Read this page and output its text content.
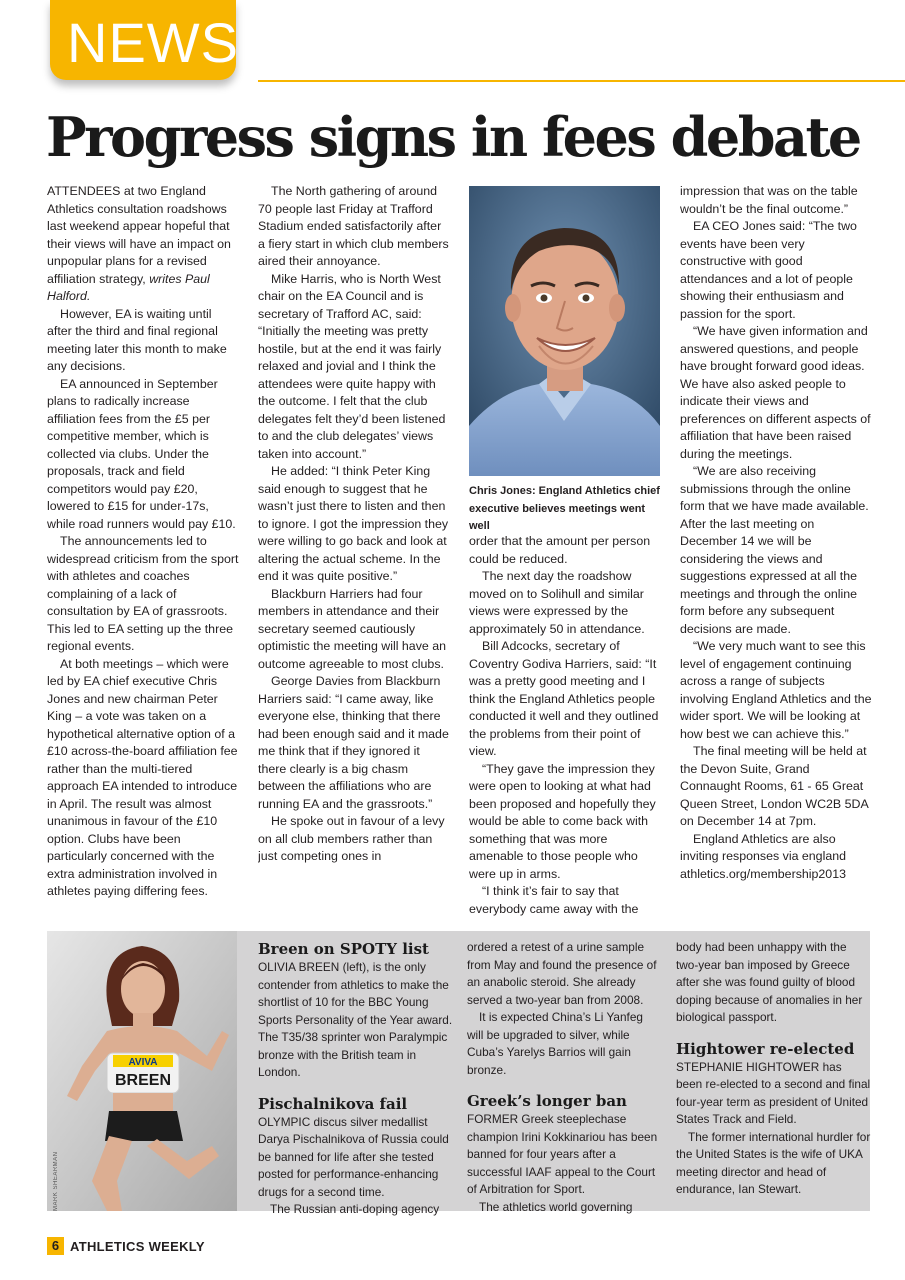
NEWS
Progress signs in fees debate

ATTENDEES at two England Athletics consultation roadshows last weekend appear hopeful that their views will have an impact on unpopular plans for a revised affiliation strategy, writes Paul Halford.

However, EA is waiting until after the third and final regional meeting later this month to make any decisions.

EA announced in September plans to radically increase affiliation fees from the £5 per competitive member, which is collected via clubs. Under the proposals, track and field competitors would pay £20, lowered to £15 for under-17s, while road runners would pay £10.

The announcements led to widespread criticism from the sport with athletes and coaches complaining of a lack of consultation by EA of grassroots. This led to EA setting up the three regional events.

At both meetings – which were led by EA chief executive Chris Jones and new chairman Peter King – a vote was taken on a hypothetical alternative option of a £10 across-the-board affiliation fee rather than the multi-tiered approach EA intended to introduce in April. The result was almost unanimous in favour of the £10 option. Clubs have been particularly concerned with the extra administration involved in athletes paying differing fees.

The North gathering of around 70 people last Friday at Trafford Stadium ended satisfactorily after a fiery start in which club members aired their annoyance.

Mike Harris, who is North West chair on the EA Council and is secretary of Trafford AC, said: “Initially the meeting was pretty hostile, but at the end it was fairly relaxed and jovial and I think the attendees were quite happy with the outcome. I felt that the club delegates felt they’d been listened to and the club delegates’ views taken into account.”

He added: “I think Peter King said enough to suggest that he wasn’t just there to listen and then to ignore. I got the impression they were willing to go back and look at altering the actual scheme. In the end it was quite positive.”

Blackburn Harriers had four members in attendance and their secretary seemed cautiously optimistic the meeting will have an outcome agreeable to most clubs.

George Davies from Blackburn Harriers said: “I came away, like everyone else, thinking that there had been enough said and it made me think that if they ignored it there clearly is a big chasm between the affiliations who are running EA and the grassroots.”

He spoke out in favour of a levy on all club members rather than just competing ones in

Chris Jones: England Athletics chief executive believes meetings went well

order that the amount per person could be reduced.

The next day the roadshow moved on to Solihull and similar views were expressed by the approximately 50 in attendance.

Bill Adcocks, secretary of Coventry Godiva Harriers, said: “It was a pretty good meeting and I think the England Athletics people conducted it well and they outlined the problems from their point of view.

“They gave the impression they were open to looking at what had been proposed and hopefully they would be able to come back with something that was more amenable to those people who were up in arms.

“I think it’s fair to say that everybody came away with the

impression that was on the table wouldn’t be the final outcome.”

EA CEO Jones said: “The two events have been very constructive with good attendances and a lot of people showing their enthusiasm and passion for the sport.

“We have given information and answered questions, and people have brought forward good ideas. We have also asked people to indicate their views and preferences on different aspects of affiliation that have been raised during the meetings.

“We are also receiving submissions through the online form that we have made available. After the last meeting on December 14 we will be considering the views and suggestions expressed at all the meetings and through the online form before any subsequent decisions are made.

“We very much want to see this level of engagement continuing across a range of subjects involving England Athletics and the wider sport. We will be looking at how best we can achieve this.”

The final meeting will be held at the Devon Suite, Grand Connaught Rooms, 61 - 65 Great Queen Street, London WC2B 5DA on December 14 at 7pm.

England Athletics are also inviting responses via england athletics.org/membership2013

AVIVA
BREEN
MARK SHEARMAN
Breen on SPOTY list

OLIVIA BREEN (left), is the only contender from athletics to make the shortlist of 10 for the BBC Young Sports Personality of the Year award. The T35/38 sprinter won Paralympic bronze with the British team in London.

Pischalnikova fail

OLYMPIC discus silver medallist Darya Pischalnikova of Russia could be banned for life after she tested posted for performance-enhancing drugs for a second time.

The Russian anti-doping agency

ordered a retest of a urine sample from May and found the presence of an anabolic steroid. She already served a two-year ban from 2008.

It is expected China’s Li Yanfeg will be upgraded to silver, while Cuba’s Yarelys Barrios will gain bronze.

Greek’s longer ban

FORMER Greek steeplechase champion Irini Kokkinariou has been banned for four years after a successful IAAF appeal to the Court of Arbitration for Sport.

The athletics world governing

body had been unhappy with the two-year ban imposed by Greece after she was found guilty of blood doping because of anomalies in her biological passport.

Hightower re-elected

STEPHANIE HIGHTOWER has been re-elected to a second and final four-year term as president of United States Track and Field.

The former international hurdler for the United States is the wife of UKA meeting director and head of endurance, Ian Stewart.

6 ATHLETICS WEEKLY
